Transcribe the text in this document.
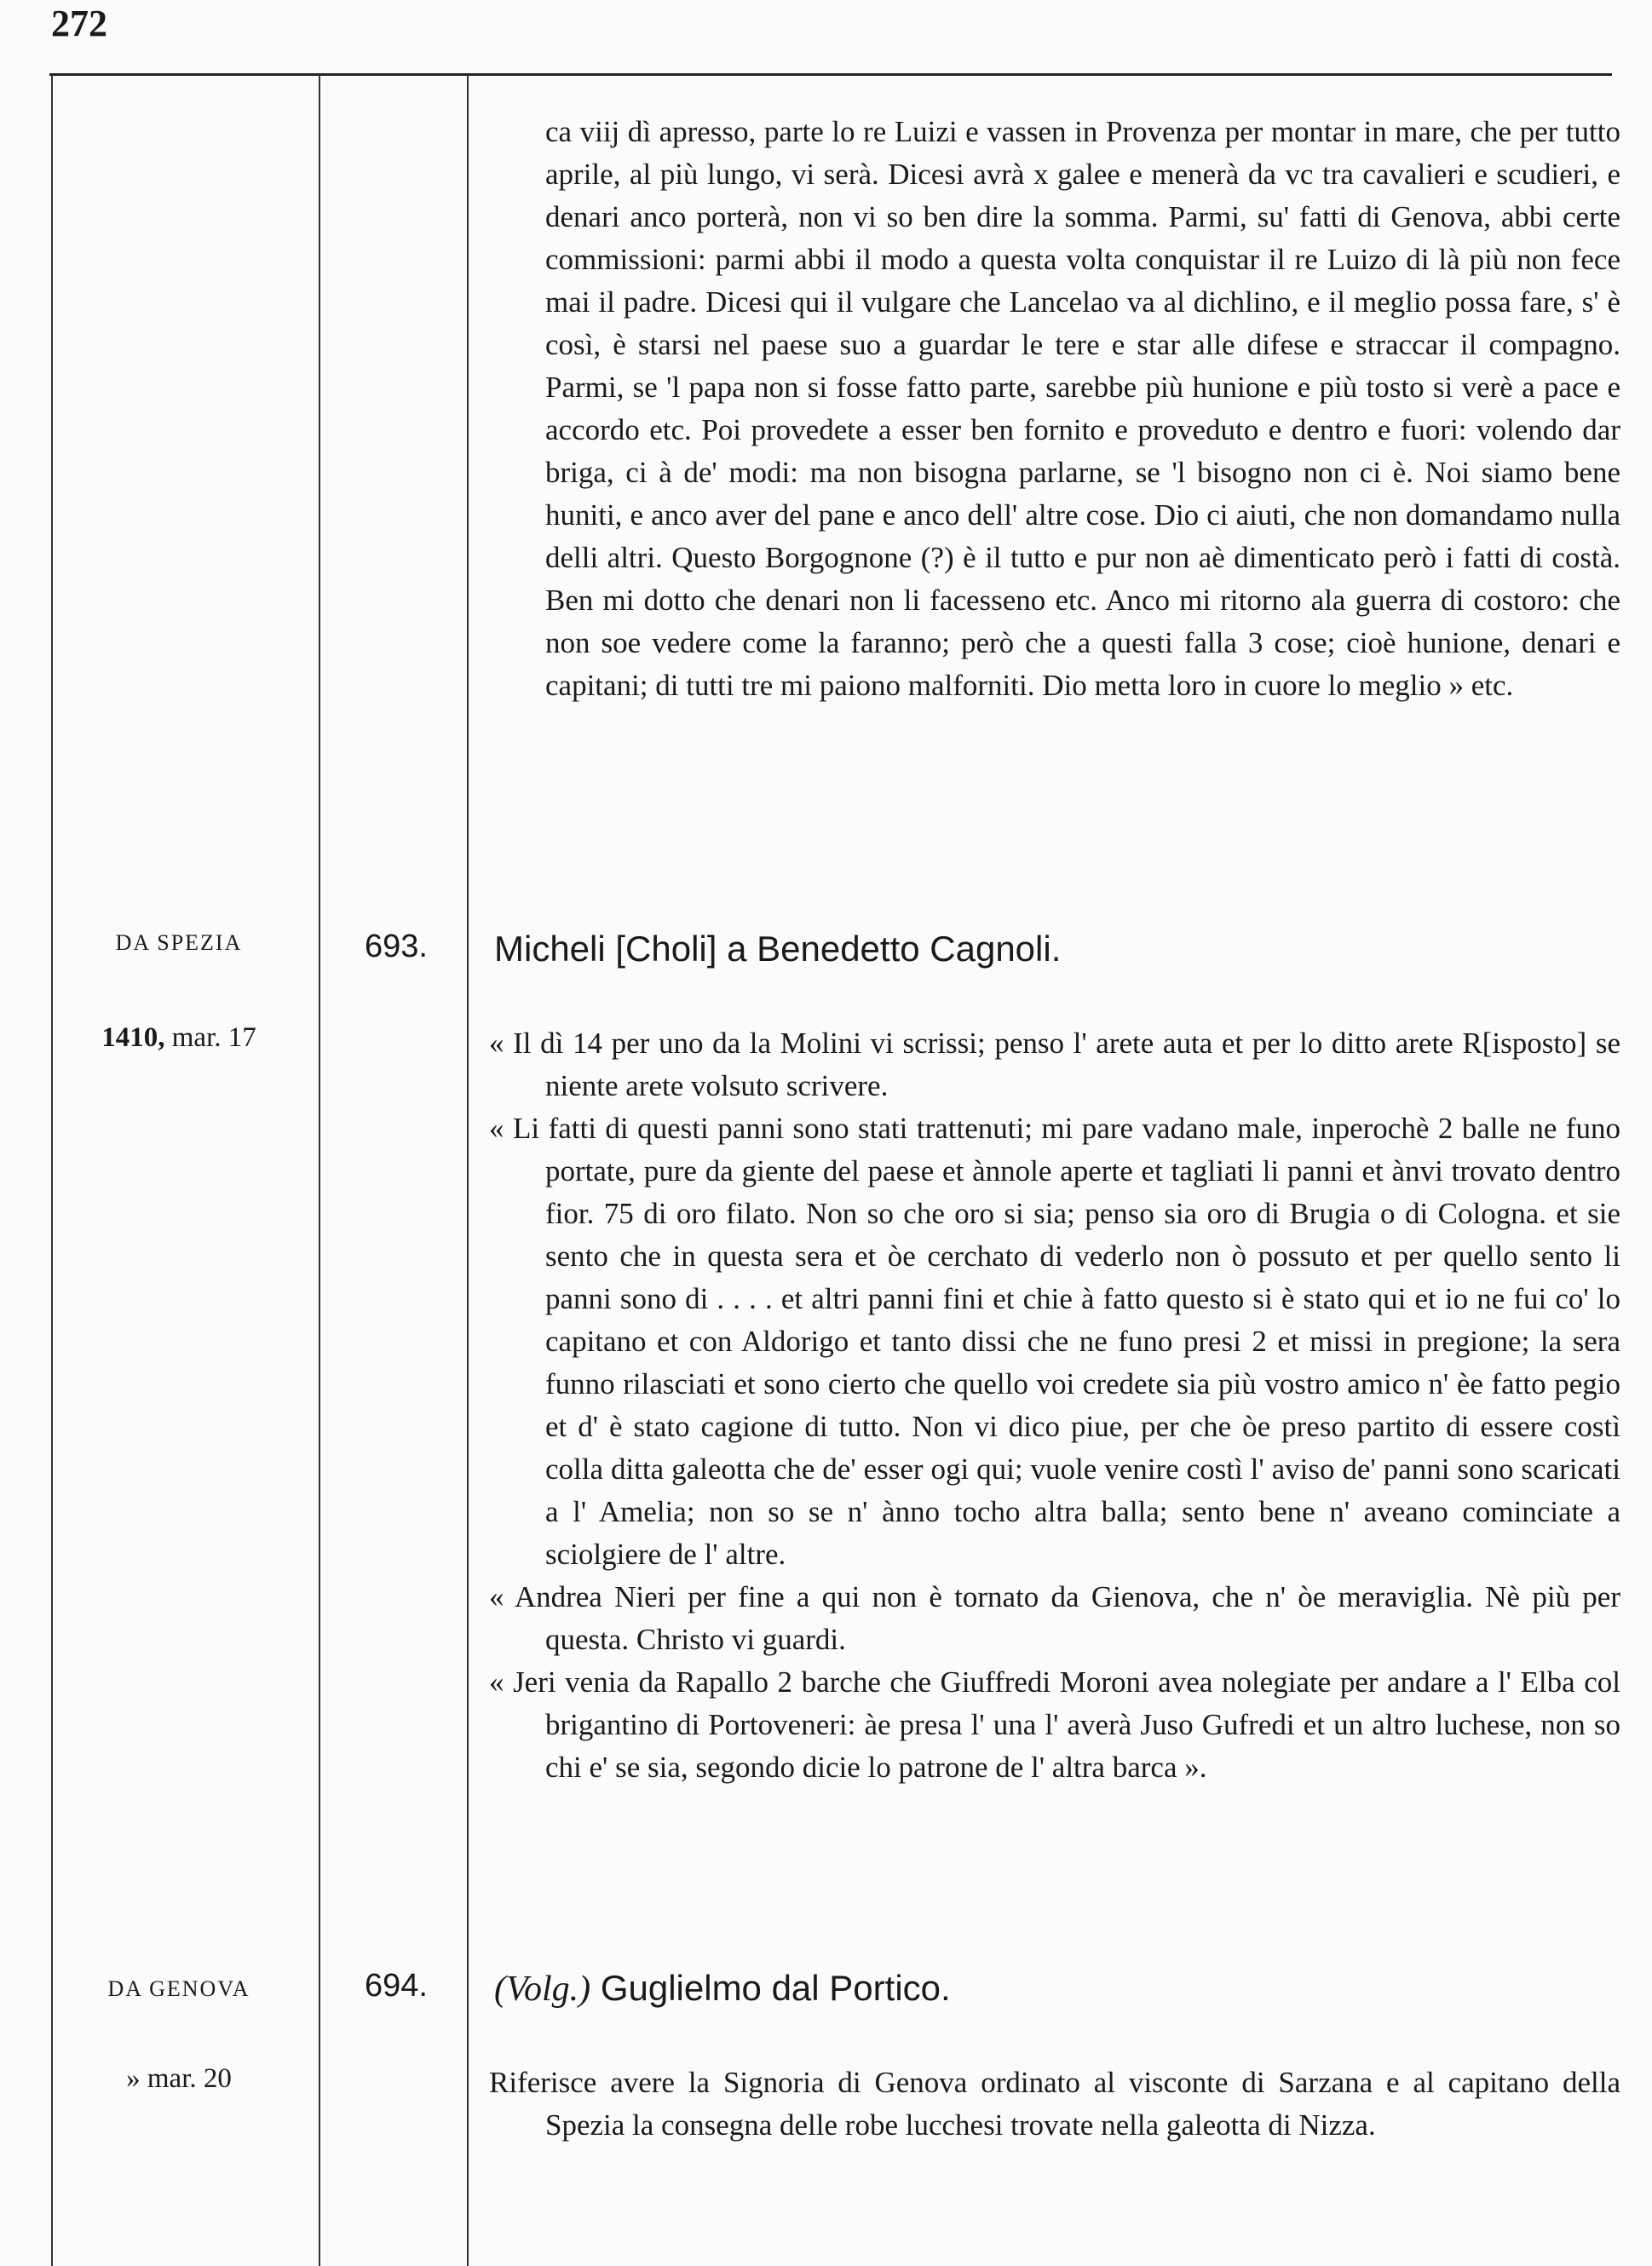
272

ca viij dì apresso, parte lo re Luizi e vassen in Provenza per montar in mare, che per tutto aprile, al più lungo, vi serà. Dicesi avrà x galee e menerà da vc tra cavalieri e scudieri, e denari anco porterà, non vi so ben dire la somma. Parmi, su' fatti di Genova, abbi certe commissioni: parmi abbi il modo a questa volta conquistar il re Luizo di là più non fece mai il padre. Dicesi qui il vulgare che Lancelao va al dichlino, e il meglio possa fare, s' è così, è starsi nel paese suo a guardar le tere e star alle difese e straccar il compagno. Parmi, se 'l papa non si fosse fatto parte, sarebbe più hunione e più tosto si verè a pace e accordo etc. Poi provedete a esser ben fornito e proveduto e dentro e fuori: volendo dar briga, ci à de' modi: ma non bisogna parlarne, se 'l bisogno non ci è. Noi siamo bene huniti, e anco aver del pane e anco dell' altre cose. Dio ci aiuti, che non domandamo nulla delli altri. Questo Borgognone (?) è il tutto e pur non aè dimenticato però i fatti di costà. Ben mi dotto che denari non li facesseno etc. Anco mi ritorno ala guerra di costoro: che non soe vedere come la faranno; però che a questi falla 3 cose; cioè hunione, denari e capitani; di tutti tre mi paiono malforniti. Dio metta loro in cuore lo meglio » etc.

DA SPEZIA
1410, mar. 17
693.	Micheli [Choli] a Benedetto Cagnoli.

« Il dì 14 per uno da la Molini vi scrissi; penso l' arete auta et per lo ditto arete R[isposto] se niente arete volsuto scrivere.

« Li fatti di questi panni sono stati trattenuti; mi pare vadano male, inperochè 2 balle ne funo portate, pure da giente del paese et ànnole aperte et tagliati li panni et ànvi trovato dentro fior. 75 di oro filato. Non so che oro si sia; penso sia oro di Brugia o di Cologna. et sie sento che in questa sera et òe cerchato di vederlo non ò possuto et per quello sento li panni sono di . . . . et altri panni fini et chie à fatto questo si è stato qui et io ne fui co' lo capitano et con Aldorigo et tanto dissi che ne funo presi 2 et missi in pregione; la sera funno rilasciati et sono cierto che quello voi credete sia più vostro amico n' èe fatto pegio et d' è stato cagione di tutto. Non vi dico piue, per che òe preso partito di essere costì colla ditta galeotta che de' esser ogi qui; vuole venire costì l' aviso de' panni sono scaricati a l' Amelia; non so se n' ànno tocho altra balla; sento bene n' aveano cominciate a sciolgiere de l' altre.

« Andrea Nieri per fine a qui non è tornato da Gienova, che n' òe meraviglia. Nè più per questa. Christo vi guardi.

« Jeri venia da Rapallo 2 barche che Giuffredi Moroni avea nolegiate per andare a l' Elba col brigantino di Portoveneri: àe presa l' una l' averà Juso Gufredi et un altro luchese, non so chi e' se sia, segondo dicie lo patrone de l' altra barca ».

DA GENOVA
» mar. 20
694.	(Volg.) Guglielmo dal Portico.

Riferisce avere la Signoria di Genova ordinato al visconte di Sarzana e al capitano della Spezia la consegna delle robe lucchesi trovate nella galeotta di Nizza.
